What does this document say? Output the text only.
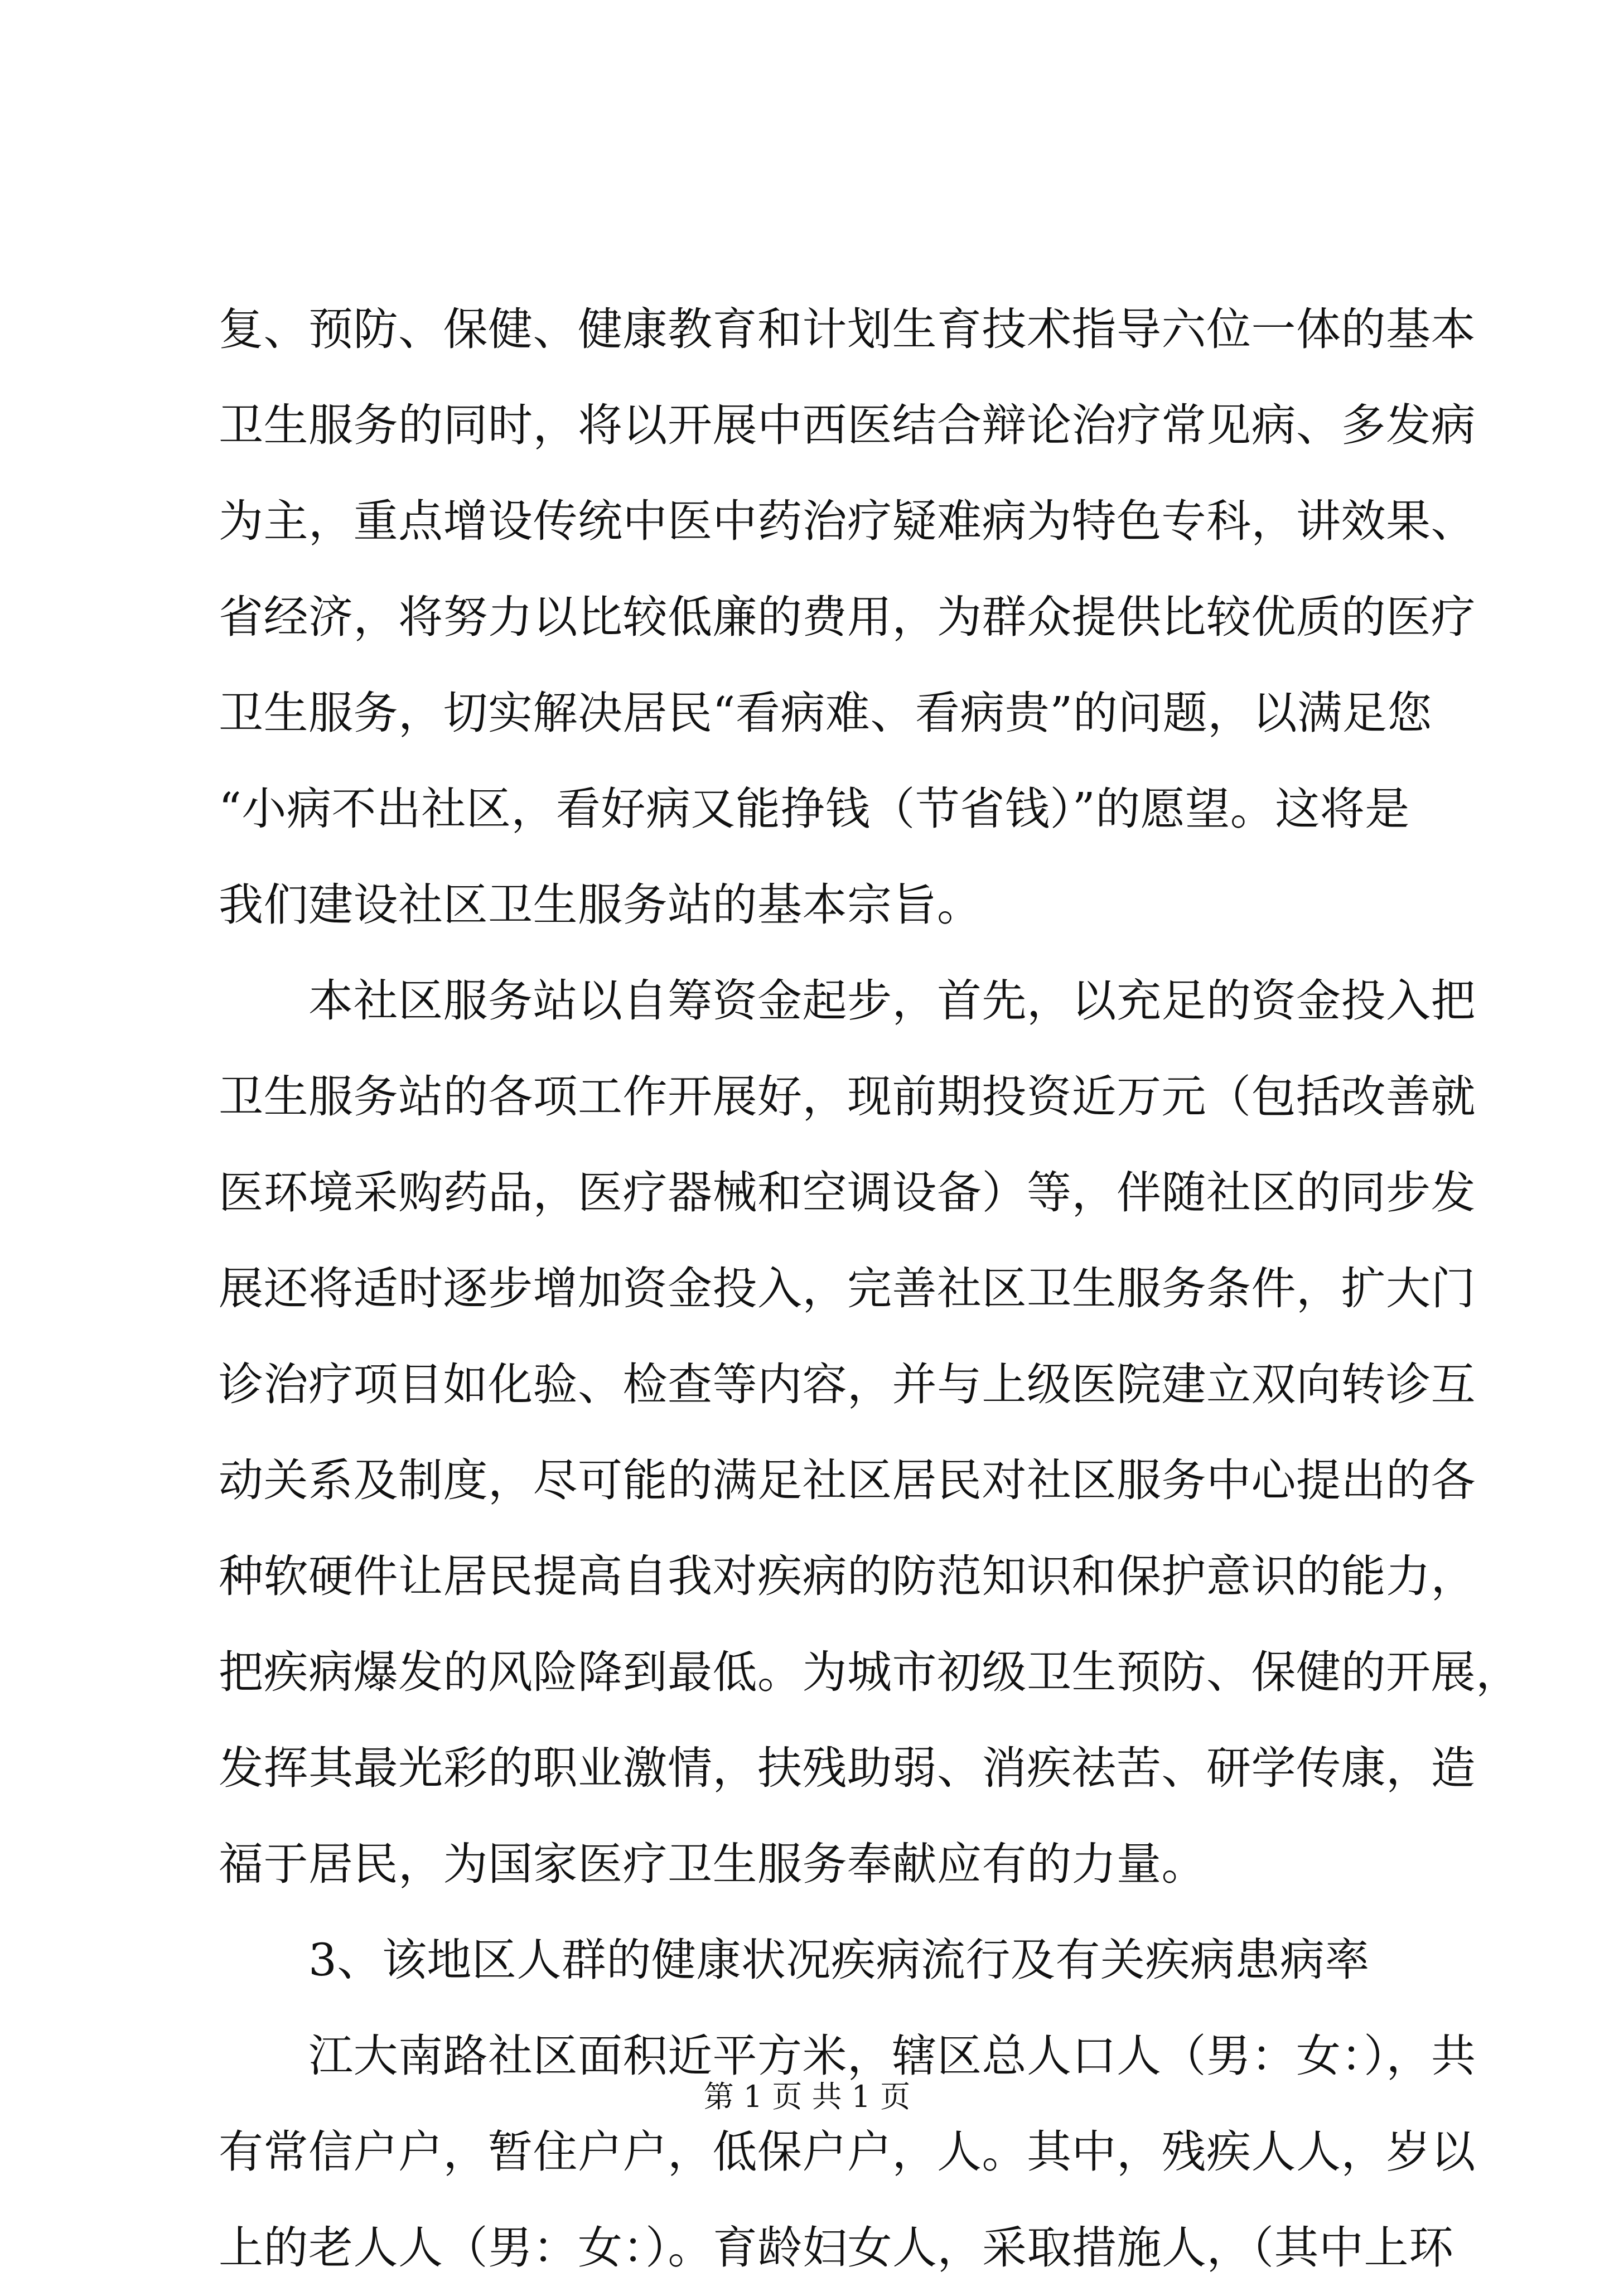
复、预防、保健、健康教育和计划生育技术指导六位一体的基本
卫生服务的同时，将以开展中西医结合辩论治疗常见病、多发病
为主，重点增设传统中医中药治疗疑难病为特色专科，讲效果、
省经济，将努力以比较低廉的费用，为群众提供比较优质的医疗
卫生服务，切实解决居民“看病难、看病贵”的问题，以满足您
“小病不出社区，看好病又能挣钱（节省钱）”的愿望。这将是
我们建设社区卫生服务站的基本宗旨。
　　本社区服务站以自筹资金起步，首先，以充足的资金投入把
卫生服务站的各项工作开展好，现前期投资近万元（包括改善就
医环境采购药品，医疗器械和空调设备）等，伴随社区的同步发
展还将适时逐步增加资金投入，完善社区卫生服务条件，扩大门
诊治疗项目如化验、检查等内容，并与上级医院建立双向转诊互
动关系及制度，尽可能的满足社区居民对社区服务中心提出的各
种软硬件让居民提高自我对疾病的防范知识和保护意识的能力，
把疾病爆发的风险降到最低。为城市初级卫生预防、保健的开展，
发挥其最光彩的职业激情，扶残助弱、消疾祛苦、研学传康，造
福于居民，为国家医疗卫生服务奉献应有的力量。
　　3、该地区人群的健康状况疾病流行及有关疾病患病率
　　江大南路社区面积近平方米，辖区总人口人（男：女：），共
有常信户户，暂住户户，低保户户，人。其中，残疾人人，岁以
上的老人人（男：女：）。育龄妇女人，采取措施人，（其中上环
第 1 页 共 1 页
